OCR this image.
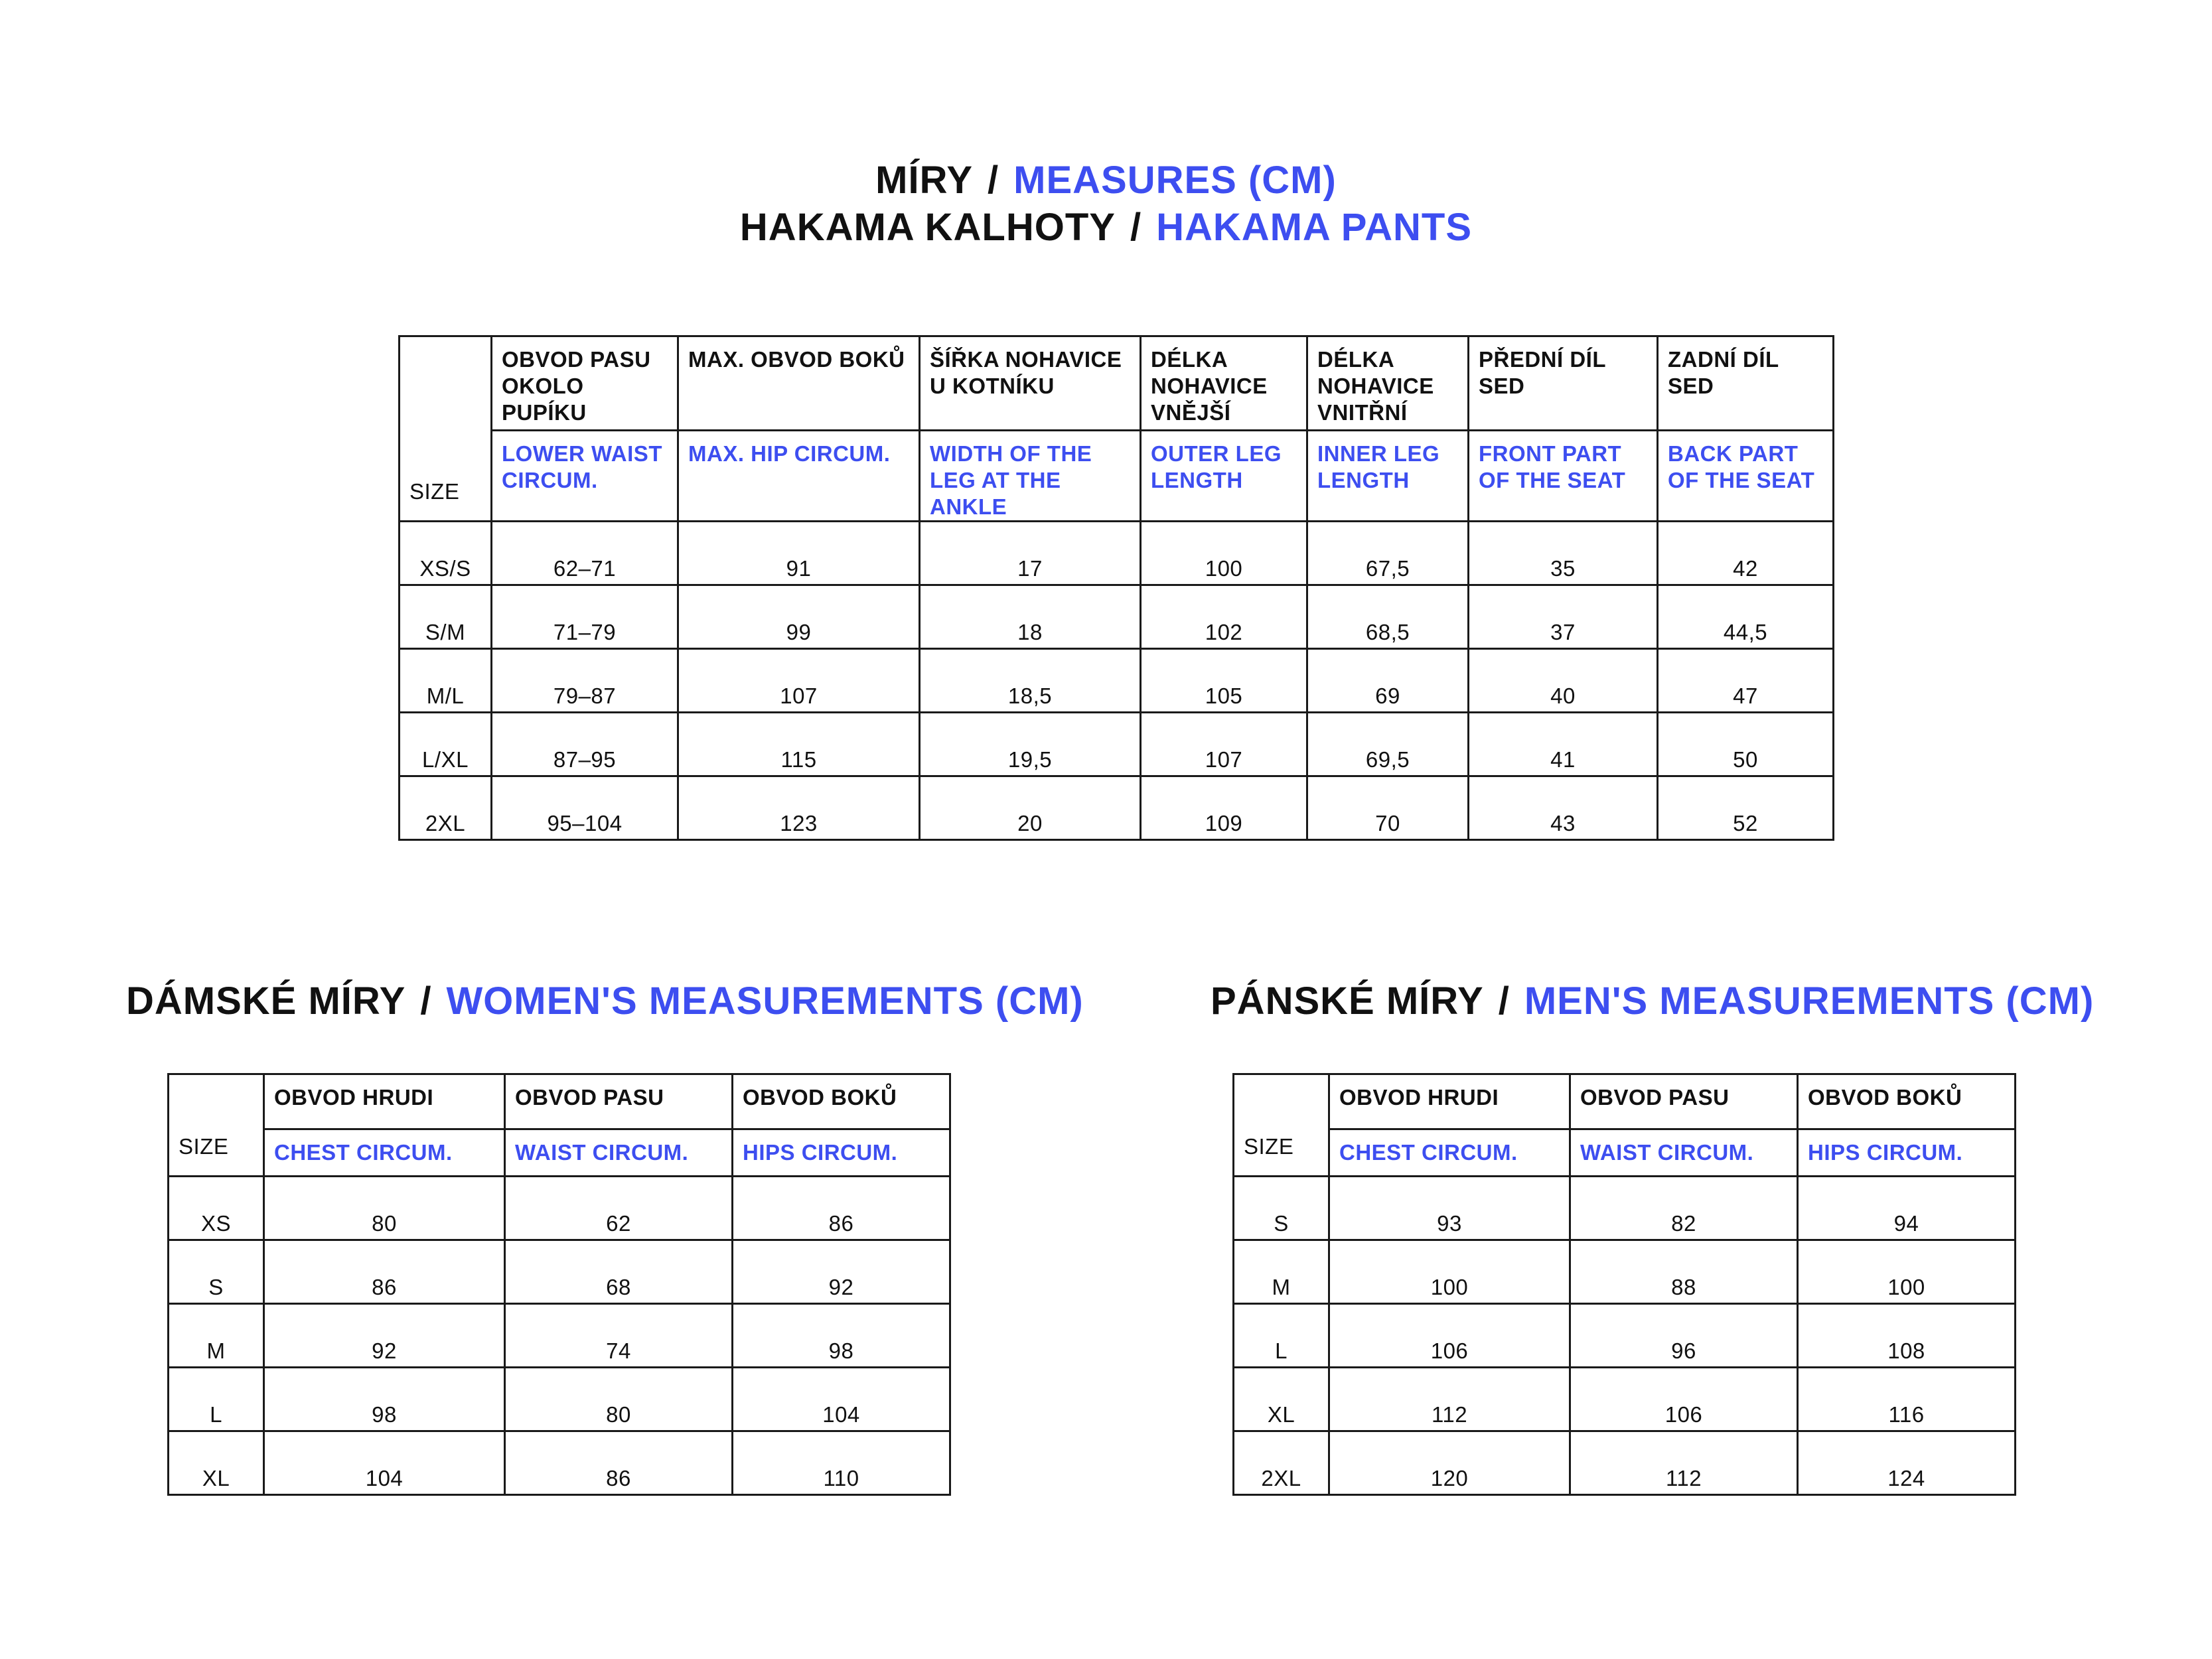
MÍRY / MEASURES (CM)
HAKAMA KALHOTY / HAKAMA PANTS
SIZE	OBVOD PASU OKOLO PUPÍKU	MAX. OBVOD BOKŮ	ŠÍŘKA NOHAVICE U KOTNÍKU	DÉLKA NOHAVICE VNĚJŠÍ	DÉLKA NOHAVICE VNITŘNÍ	PŘEDNÍ DÍL SED	ZADNÍ DÍL SED
	LOWER WAIST CIRCUM.	MAX. HIP CIRCUM.	WIDTH OF THE LEG AT THE ANKLE	OUTER LEG LENGTH	INNER LEG LENGTH	FRONT PART OF THE SEAT	BACK PART OF THE SEAT
XS/S	62–71	91	17	100	67,5	35	42
S/M	71–79	99	18	102	68,5	37	44,5
M/L	79–87	107	18,5	105	69	40	47
L/XL	87–95	115	19,5	107	69,5	41	50
2XL	95–104	123	20	109	70	43	52
DÁMSKÉ MÍRY / WOMEN'S MEASUREMENTS (CM)
SIZE	OBVOD HRUDI	OBVOD PASU	OBVOD BOKŮ
	CHEST CIRCUM.	WAIST CIRCUM.	HIPS CIRCUM.
XS	80	62	86
S	86	68	92
M	92	74	98
L	98	80	104
XL	104	86	110
PÁNSKÉ MÍRY / MEN'S MEASUREMENTS (CM)
SIZE	OBVOD HRUDI	OBVOD PASU	OBVOD BOKŮ
	CHEST CIRCUM.	WAIST CIRCUM.	HIPS CIRCUM.
S	93	82	94
M	100	88	100
L	106	96	108
XL	112	106	116
2XL	120	112	124
